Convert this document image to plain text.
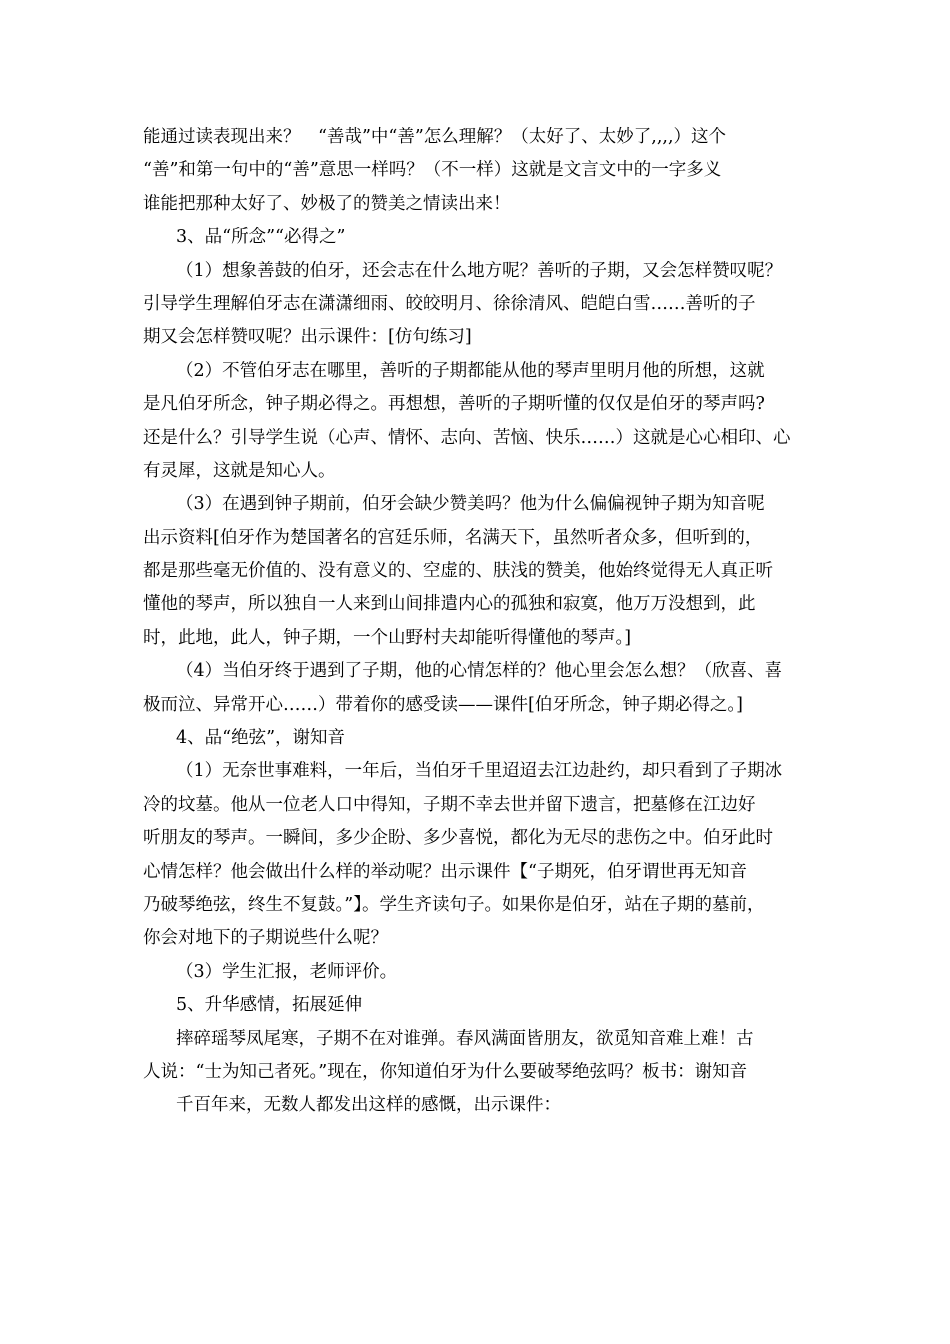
能通过读表现出来？　“善哉”中“善”怎么理解？（太好了、太妙了,,,,）这个
“善”和第一句中的“善”意思一样吗？（不一样）这就是文言文中的一字多义
谁能把那种太好了、妙极了的赞美之情读出来！
3、品“所念”“必得之”
（1）想象善鼓的伯牙，还会志在什么地方呢？善听的子期，又会怎样赞叹呢？
引导学生理解伯牙志在潇潇细雨、皎皎明月、徐徐清风、皑皑白雪……善听的子
期又会怎样赞叹呢？出示课件：[仿句练习]
（2）不管伯牙志在哪里，善听的子期都能从他的琴声里明月他的所想，这就
是凡伯牙所念，钟子期必得之。再想想，善听的子期听懂的仅仅是伯牙的琴声吗?
还是什么？引导学生说（心声、情怀、志向、苦恼、快乐……）这就是心心相印、心
有灵犀，这就是知心人。
（3）在遇到钟子期前，伯牙会缺少赞美吗？他为什么偏偏视钟子期为知音呢
出示资料[伯牙作为楚国著名的宫廷乐师，名满天下，虽然听者众多，但听到的，
都是那些毫无价值的、没有意义的、空虚的、肤浅的赞美，他始终觉得无人真正听
懂他的琴声，所以独自一人来到山间排遣内心的孤独和寂寞，他万万没想到，此
时，此地，此人，钟子期，一个山野村夫却能听得懂他的琴声。]
（4）当伯牙终于遇到了子期，他的心情怎样的？他心里会怎么想？（欣喜、喜
极而泣、异常开心……）带着你的感受读——课件[伯牙所念，钟子期必得之。]
4、品“绝弦”，谢知音
（1）无奈世事难料，一年后，当伯牙千里迢迢去江边赴约，却只看到了子期冰
冷的坟墓。他从一位老人口中得知，子期不幸去世并留下遗言，把墓修在江边好
听朋友的琴声。一瞬间，多少企盼、多少喜悦，都化为无尽的悲伤之中。伯牙此时
心情怎样？他会做出什么样的举动呢？出示课件【“子期死，伯牙谓世再无知音
乃破琴绝弦，终生不复鼓。”】。学生齐读句子。如果你是伯牙，站在子期的墓前，
你会对地下的子期说些什么呢？
（3）学生汇报，老师评价。
5、升华感情，拓展延伸
摔碎瑶琴凤尾寒，子期不在对谁弹。春风满面皆朋友，欲觅知音难上难！古
人说：“士为知己者死。”现在，你知道伯牙为什么要破琴绝弦吗？板书：谢知音
千百年来，无数人都发出这样的感慨，出示课件：
